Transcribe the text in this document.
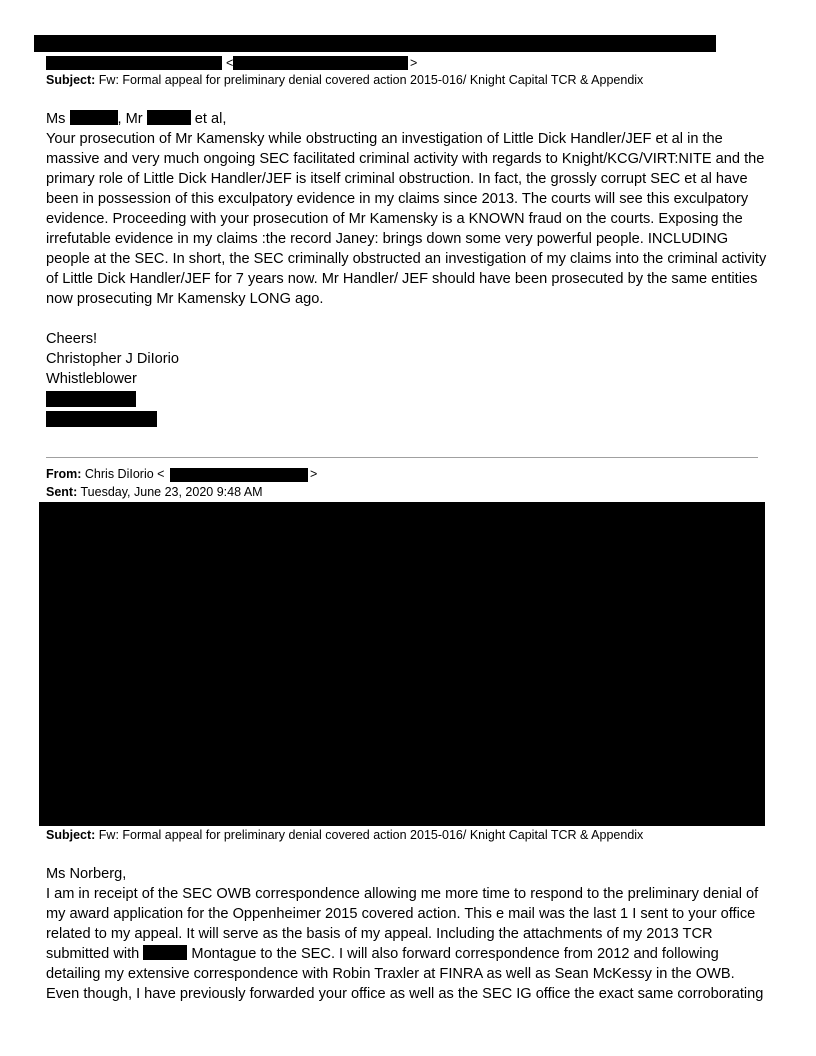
<	>
Subject: Fw: Formal appeal for preliminary denial covered action 2015-016/ Knight Capital TCR & Appendix

Ms	, Mr	et al,

Your prosecution of Mr Kamensky while obstructing an investigation of Little Dick Handler/JEF et al in the massive and very much ongoing SEC facilitated criminal activity with regards to Knight/KCG/VIRT:NITE and the primary role of Little Dick Handler/JEF is itself criminal obstruction. In fact, the grossly corrupt SEC et al have been in possession of this exculpatory evidence in my claims since 2013. The courts will see this exculpatory evidence. Proceeding with your prosecution of Mr Kamensky is a KNOWN fraud on the courts. Exposing the irrefutable evidence in my claims :the record Janey: brings down some very powerful people. INCLUDING people at the SEC. In short, the SEC criminally obstructed an investigation of my claims into the criminal activity of Little Dick Handler/JEF for 7 years now. Mr Handler/ JEF should have been prosecuted by the same entities now prosecuting Mr Kamensky LONG ago.

Cheers!

Christopher J DiIorio

Whistleblower

From: Chris DiIorio <	>
Sent: Tuesday, June 23, 2020 9:48 AM
Subject: Fw: Formal appeal for preliminary denial covered action 2015-016/ Knight Capital TCR & Appendix

Ms Norberg,

I am in receipt of the SEC OWB correspondence allowing me more time to respond to the preliminary denial of my award application for the Oppenheimer 2015 covered action. This e mail was the last 1 I sent to your office related to my appeal. It will serve as the basis of my appeal. Including the attachments of my 2013 TCR submitted with	Montague to the SEC. I will also forward correspondence from 2012 and following detailing my extensive correspondence with Robin Traxler at FINRA as well as Sean McKessy in the OWB. Even though, I have previously forwarded your office as well as the SEC IG office the exact same corroborating
